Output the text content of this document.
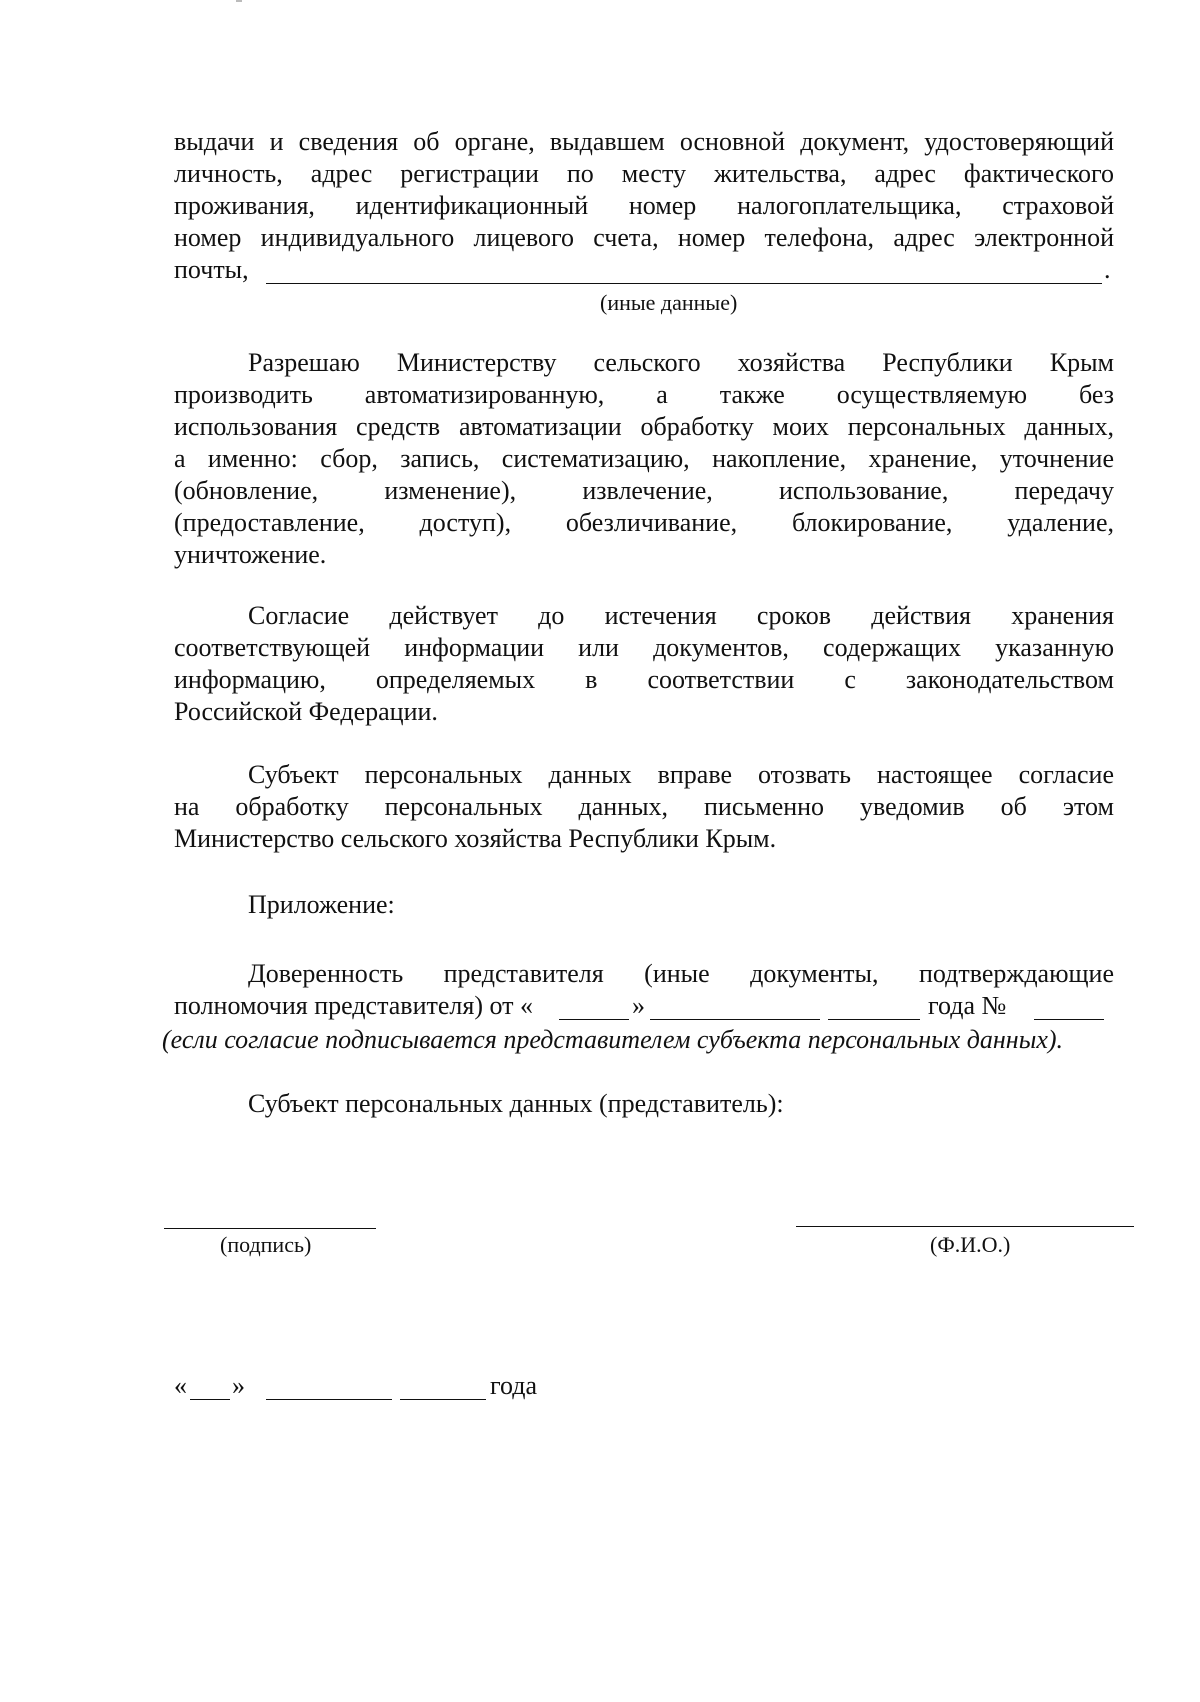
выдачи и сведения об органе, выдавшем основной документ, удостоверяющий
личность, адрес регистрации по месту жительства, адрес фактического
проживания, идентификационный номер налогоплательщика, страховой
номер индивидуального лицевого счета, номер телефона, адрес электронной
почты,	.
(иные данные)
Разрешаю Министерству сельского хозяйства Республики Крым
производить автоматизированную, а также осуществляемую без
использования средств автоматизации обработку моих персональных данных,
а именно: сбор, запись, систематизацию, накопление, хранение, уточнение
(обновление, изменение), извлечение, использование, передачу
(предоставление, доступ), обезличивание, блокирование, удаление,
уничтожение.
Согласие действует до истечения сроков действия хранения
соответствующей информации или документов, содержащих указанную
информацию, определяемых в соответствии с законодательством
Российской Федерации.
Субъект персональных данных вправе отозвать настоящее согласие
на обработку персональных данных, письменно уведомив об этом
Министерство сельского хозяйства Республики Крым.
Приложение:
Доверенность представителя (иные документы, подтверждающие
полномочия представителя) от «	»	года №
(если согласие подписывается представителем субъекта персональных данных).
Субъект персональных данных (представитель):
(подпись)	(Ф.И.О.)
« »	года
